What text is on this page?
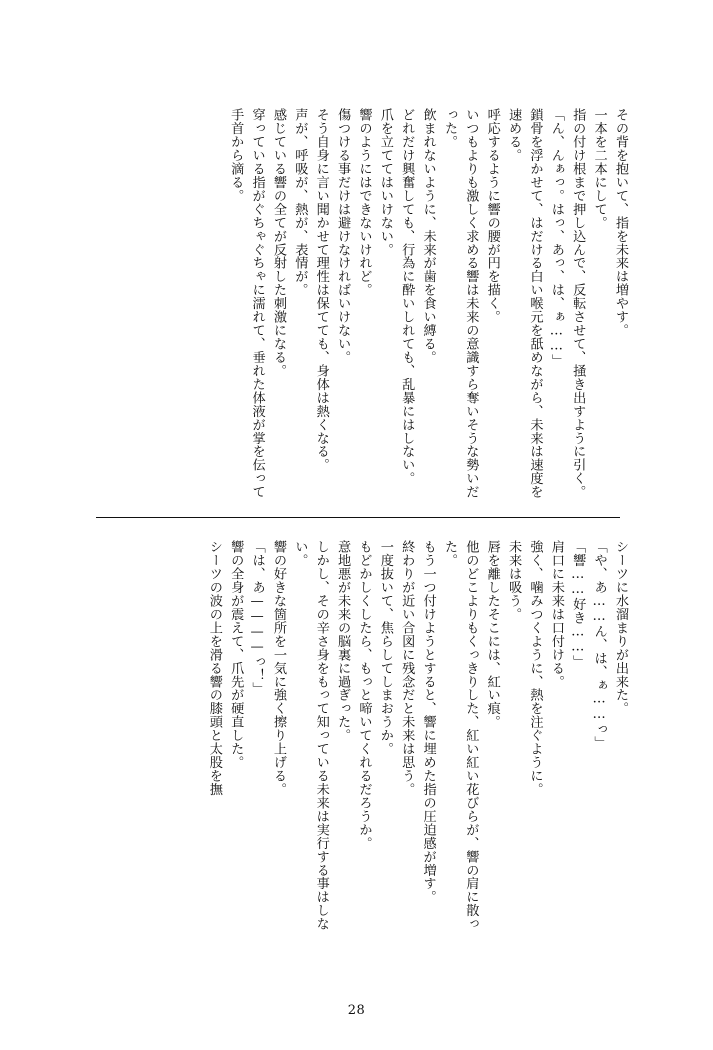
その背を抱いて、指を未来は増やす。

一本を二本にして。

指の付け根まで押し込んで、反転させて、掻き出すように引く。

「ん、んぁっ。はっ、あっ、は、ぁ……」

鎖骨を浮かせて、はだける白い喉元を舐めながら、未来は速度を速める。

呼応するように響の腰が円を描く。

いつもよりも激しく求める響は未来の意識すら奪いそうな勢いだった。

飲まれないように、未来が歯を食い縛る。

どれだけ興奮しても、行為に酔いしれても、乱暴にはしない。

爪を立ててはいけない。

響のようにはできないけれど。

傷つける事だけは避けなければいけない。

そう自身に言い聞かせて理性は保てても、身体は熱くなる。

声が、呼吸が、熱が、表情が。

感じている響の全てが反射した刺激になる。

穿っている指がぐちゃぐちゃに濡れて、垂れた体液が掌を伝って手首から滴る。

シーツに水溜まりが出来た。

「や、あ……ん、は、ぁ……っ」

「響……好き……」

肩口に未来は口付ける。

強く、噛みつくように、熱を注ぐように。

未来は吸う。

唇を離したそこには、紅い痕。

他のどこよりもくっきりした、紅い紅い花びらが、響の肩に散った。

もう一つ付けようとすると、響に埋めた指の圧迫感が増す。

終わりが近い合図に残念だと未来は思う。

一度抜いて、焦らしてしまおうか。

もどかしくしたら、もっと啼いてくれるだろうか。

意地悪が未来の脳裏に過ぎった。

しかし、その辛さ身をもって知っている未来は実行する事はしない。

響の好きな箇所を一気に強く擦り上げる。

「は、あ————っ！」

響の全身が震えて、爪先が硬直した。

シーツの波の上を滑る響の膝頭と太股を撫

28
